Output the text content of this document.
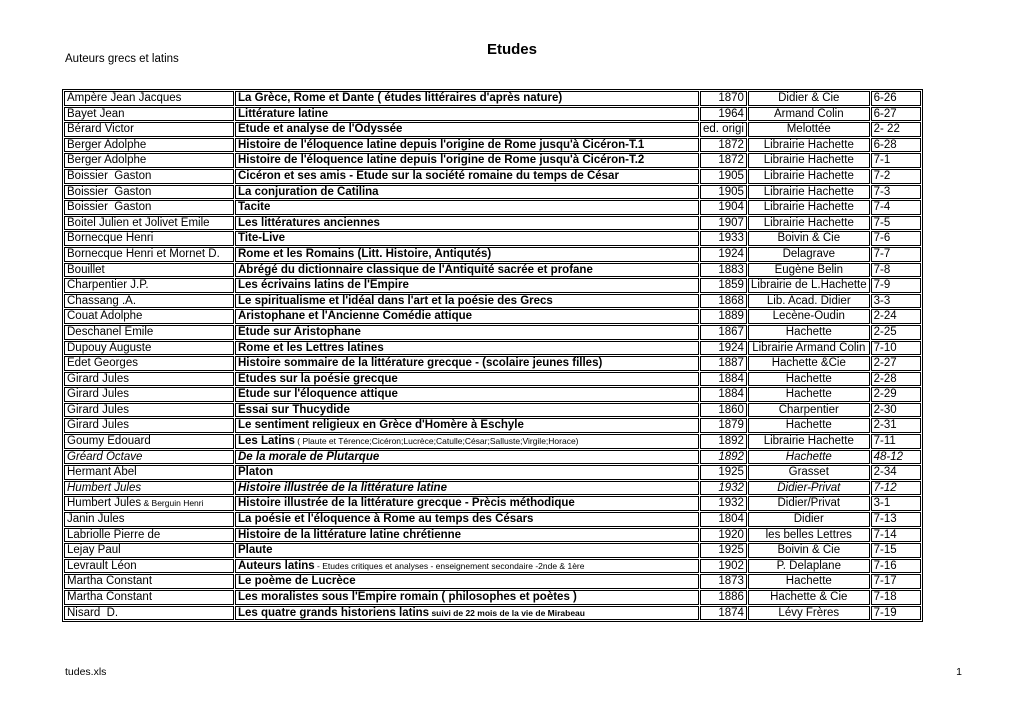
Auteurs grecs et latins
Etudes
Ampère Jean Jacques	La Grèce, Rome et Dante ( études littéraires d'après nature)	1870	Didier & Cie	6-26
Bayet Jean	Littérature latine	1964	Armand Colin	6-27
Bérard Victor	Etude et analyse de l'Odyssée	ed. origi	Melottée	2- 22
Berger Adolphe	Histoire de l'éloquence latine depuis l'origine de Rome jusqu'à Cicéron-T.1	1872	Librairie Hachette	6-28
Berger Adolphe	Histoire de l'éloquence latine depuis l'origine de Rome jusqu'à Cicéron-T.2	1872	Librairie Hachette	7-1
Boissier  Gaston	Cicéron et ses amis - Etude sur la société romaine du temps de César	1905	Librairie Hachette	7-2
Boissier  Gaston	La conjuration de Catilina	1905	Librairie Hachette	7-3
Boissier  Gaston	Tacite	1904	Librairie Hachette	7-4
Boitel Julien et Jolivet Emile	Les littératures anciennes	1907	Librairie Hachette	7-5
Bornecque Henri	Tite-Live	1933	Boivin & Cie	7-6
Bornecque Henri et Mornet D.	Rome et les Romains (Litt. Histoire, Antiqutés)	1924	Delagrave	7-7
Bouillet	Abrégé du dictionnaire classique de l'Antiquité sacrée et profane	1883	Eugène Belin	7-8
Charpentier J.P.	Les écrivains latins de l'Empire	1859	Librairie de L.Hachette	7-9
Chassang .A.	Le spiritualisme et l'idéal dans l'art et la poésie des Grecs	1868	Lib. Acad. Didier	3-3
Couat Adolphe	Aristophane et l'Ancienne Comédie attique	1889	Lecène-Oudin	2-24
Deschanel Emile	Etude sur Aristophane	1867	Hachette	2-25
Dupouy Auguste	Rome et les Lettres latines	1924	Librairie Armand Colin	7-10
Edet Georges	Histoire sommaire de la littérature grecque - (scolaire jeunes filles)	1887	Hachette &Cie	2-27
Girard Jules	Etudes sur la poésie grecque	1884	Hachette	2-28
Girard Jules	Etude sur l'éloquence attique	1884	Hachette	2-29
Girard Jules	Essai sur Thucydide	1860	Charpentier	2-30
Girard Jules	Le sentiment religieux en Grèce d'Homère à Eschyle	1879	Hachette	2-31
Goumy Edouard	Les Latins ( Plaute et Térence;Cicéron;Lucrèce;Catulle;César;Salluste;Virgile;Horace)	1892	Librairie Hachette	7-11
Gréard Octave	De la morale de Plutarque	1892	Hachette	48-12
Hermant Abel	Platon	1925	Grasset	2-34
Humbert Jules	Histoire illustrée de la littérature latine	1932	Didier-Privat	7-12
Humbert Jules & Berguin Henri	Histoire illustrée de la littérature grecque - Prècis méthodique	1932	Didier/Privat	3-1
Janin Jules	La poésie et l'éloquence à Rome au temps des Césars	1804	Didier	7-13
Labriolle Pierre de	Histoire de la littérature latine chrétienne	1920	les belles Lettres	7-14
Lejay Paul	Plaute	1925	Boivin & Cie	7-15
Levrault Léon	Auteurs latins - Etudes critiques et analyses - enseignement secondaire -2nde & 1ère	1902	P. Delaplane	7-16
Martha Constant	Le poème de Lucrèce	1873	Hachette	7-17
Martha Constant	Les moralistes sous l'Empire romain ( philosophes et poètes )	1886	Hachette & Cie	7-18
Nisard  D.	Les quatre grands historiens latins suivi de 22 mois de la vie de Mirabeau	1874	Lévy Frères	7-19
tudes.xls	1
